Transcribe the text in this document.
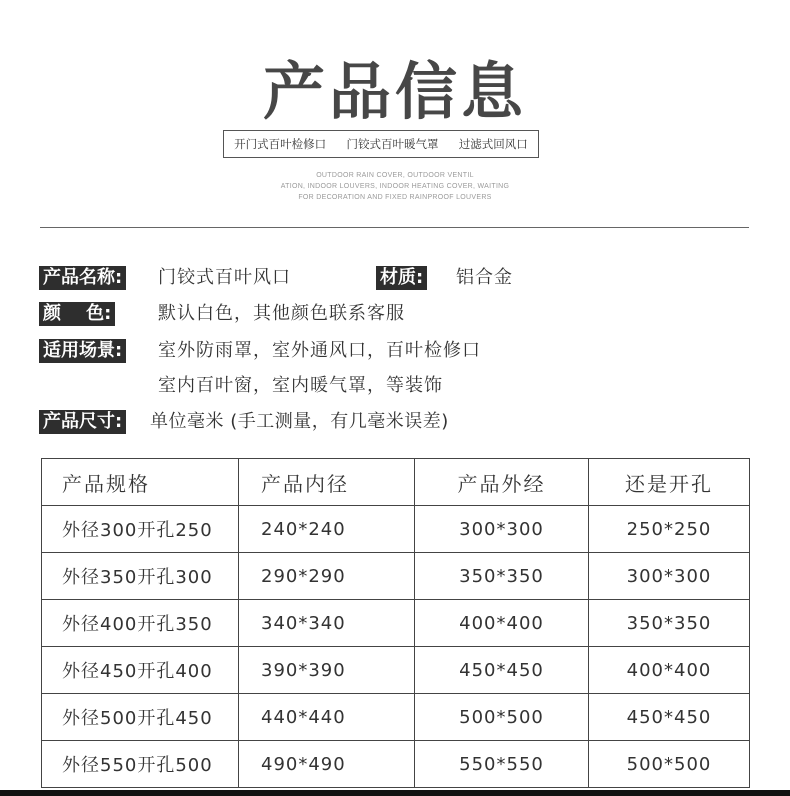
产品信息
开门式百叶检修口 门铰式百叶暖气罩 过滤式回风口
OUTDOOR RAIN COVER, OUTDOOR VENTIL
ATION, INDOOR LOUVERS, INDOOR HEATING COVER, WAITING
FOR DECORATION AND FIXED RAINPROOF LOUVERS
产品名称: 门铰式百叶风口	材质: 铝合金
颜    色:	默认白色，其他颜色联系客服
适用场景: 室外防雨罩，室外通风口，百叶检修口
室内百叶窗，室内暖气罩，等装饰
产品尺寸: 单位毫米 (手工测量，有几毫米误差)
产品规格	产品内径	产品外经	还是开孔
外径300开孔250	240*240	300*300	250*250
外径350开孔300	290*290	350*350	300*300
外径400开孔350	340*340	400*400	350*350
外径450开孔400	390*390	450*450	400*400
外径500开孔450	440*440	500*500	450*450
外径550开孔500	490*490	550*550	500*500
